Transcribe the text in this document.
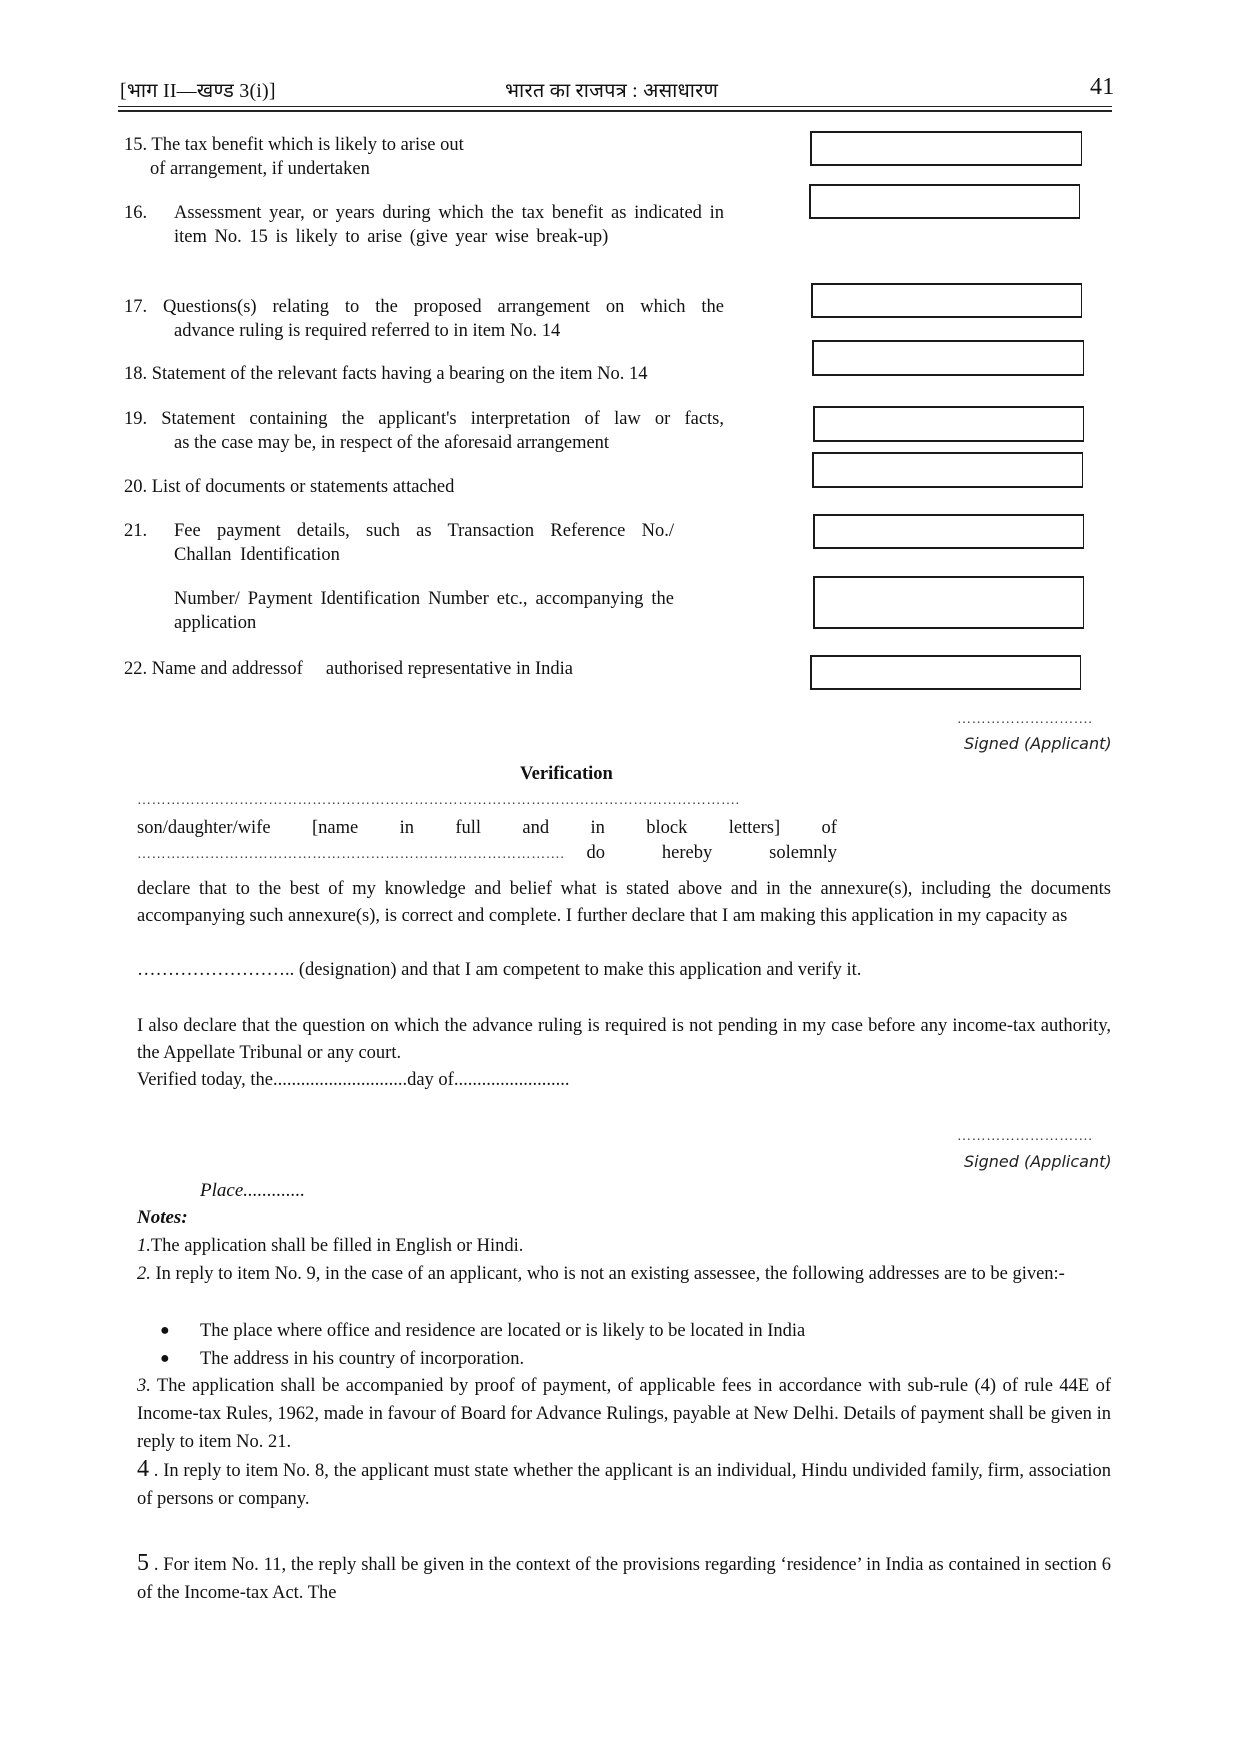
[भाग II—खण्ड 3(i)]	भारत का राजपत्र : असाधारण	41
15. The tax benefit which is likely to arise out
of arrangement, if undertaken
16. Assessment year, or years during which the tax benefit as indicated in item No. 15 is likely to arise (give year wise break-up)
17. Questions(s) relating to the proposed arrangement on which the
advance ruling is required referred to in item No. 14
18. Statement of the relevant facts having a bearing on the item No. 14
19. Statement containing the applicant's interpretation of law or facts,
as the case may be, in respect of the aforesaid arrangement
20. List of documents or statements attached
21. Fee payment details, such as Transaction Reference No./ Challan Identification
Number/ Payment Identification Number etc., accompanying the application
22. Name and addressof     authorised representative in India
……………………….
Signed (Applicant)
Verification
…………………………………………………………………………………………………………….
son/daughter/wife [name in full and in block letters] of
……………………………………………………………………………. do	hereby	solemnly
declare that to the best of my knowledge and belief what is stated above and in the annexure(s), including the documents accompanying such annexure(s), is correct and complete. I further declare that I am making this application in my capacity as
…………………….. (designation) and that I am competent to make this application and verify it.
I also declare that the question on which the advance ruling is required is not pending in my case before any income-tax authority, the Appellate Tribunal or any court.
Verified today, the.............................day of.........................
……………………….
Signed (Applicant)
Place.............
Notes:
1.The application shall be filled in English or Hindi.
2. In reply to item No. 9, in the case of an applicant, who is not an existing assessee, the following addresses are to be given:-
● The place where office and residence are located or is likely to be located in India
● The address in his country of incorporation.
3. The application shall be accompanied by proof of payment, of applicable fees in accordance with sub-rule (4) of rule 44E of Income-tax Rules, 1962, made in favour of Board for Advance Rulings, payable at New Delhi. Details of payment shall be given in reply to item No. 21.
4 . In reply to item No. 8, the applicant must state whether the applicant is an individual, Hindu undivided family, firm, association of persons or company.
5 . For item No. 11, the reply shall be given in the context of the provisions regarding ‘residence’ in India as contained in section 6 of the Income-tax Act. The
